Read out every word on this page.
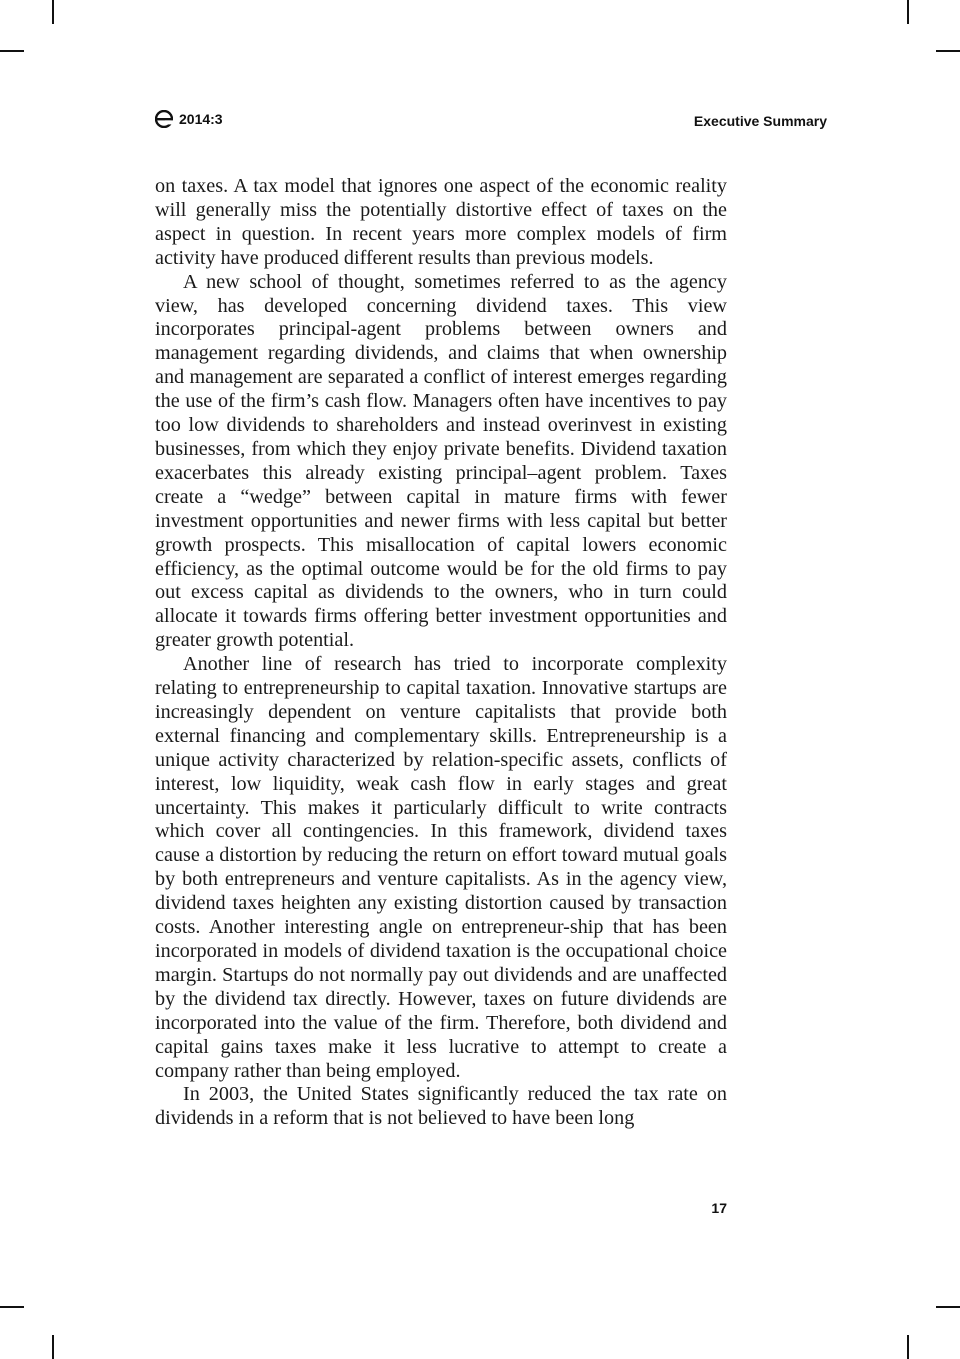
2014:3	Executive Summary

on taxes. A tax model that ignores one aspect of the economic reality will generally miss the potentially distortive effect of taxes on the aspect in question. In recent years more complex models of firm activity have produced different results than previous models.

A new school of thought, sometimes referred to as the agency view, has developed concerning dividend taxes. This view incorporates principal-agent problems between owners and management regarding dividends, and claims that when ownership and management are separated a conflict of interest emerges regarding the use of the firm’s cash flow. Managers often have incentives to pay too low dividends to shareholders and instead overinvest in existing businesses, from which they enjoy private benefits. Dividend taxation exacerbates this already existing principal–agent problem. Taxes create a “wedge” between capital in mature firms with fewer investment opportunities and newer firms with less capital but better growth prospects. This misallocation of capital lowers economic efficiency, as the optimal outcome would be for the old firms to pay out excess capital as dividends to the owners, who in turn could allocate it towards firms offering better investment opportunities and greater growth potential.

Another line of research has tried to incorporate complexity relating to entrepreneurship to capital taxation. Innovative startups are increasingly dependent on venture capitalists that provide both external financing and complementary skills. Entrepreneurship is a unique activity characterized by relation-specific assets, conflicts of interest, low liquidity, weak cash flow in early stages and great uncertainty. This makes it particularly difficult to write contracts which cover all contingencies. In this framework, dividend taxes cause a distortion by reducing the return on effort toward mutual goals by both entrepreneurs and venture capitalists. As in the agency view, dividend taxes heighten any existing distortion caused by transaction costs. Another interesting angle on entrepreneur-ship that has been incorporated in models of dividend taxation is the occupational choice margin. Startups do not normally pay out dividends and are unaffected by the dividend tax directly. However, taxes on future dividends are incorporated into the value of the firm. Therefore, both dividend and capital gains taxes make it less lucrative to attempt to create a company rather than being employed.

In 2003, the United States significantly reduced the tax rate on dividends in a reform that is not believed to have been long

17
